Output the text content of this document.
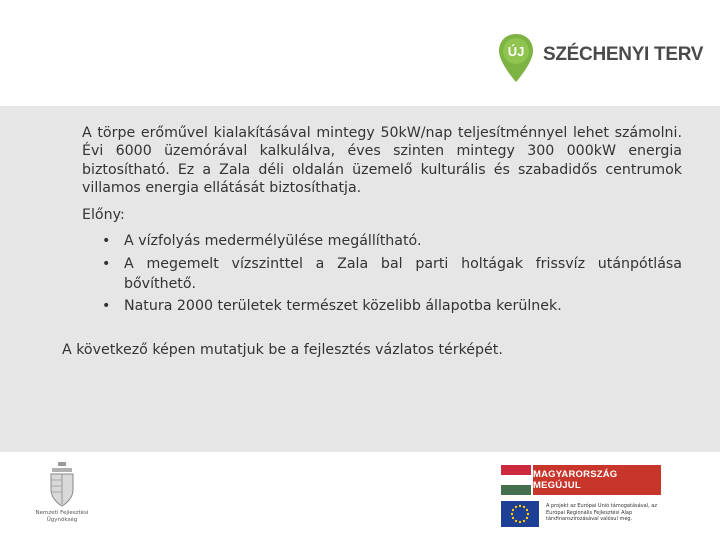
ÚJ SZÉCHENYI TERV

A törpe erőművel kialakításával mintegy 50kW/nap teljesítménnyel lehet számolni. Évi 6000 üzemórával kalkulálva, éves szinten mintegy 300 000kW energia biztosítható. Ez a Zala déli oldalán üzemelő kulturális és szabadidős centrumok villamos energia ellátását biztosíthatja.

Előny:

• A vízfolyás medermélyülése megállítható.
• A megemelt vízszinttel a Zala bal parti holtágak frissvíz utánpótlása bővíthető.
• Natura 2000 területek természet közelibb állapotba kerülnek.

A következő képen mutatjuk be a fejlesztés vázlatos térképét.

Nemzeti Fejlesztési Ügynökség
MAGYARORSZÁG MEGÚJUL
A projekt az Európai Unió támogatásával, az Európai Regionális Fejlesztési Alap társfinanszírozásával valósul meg.
